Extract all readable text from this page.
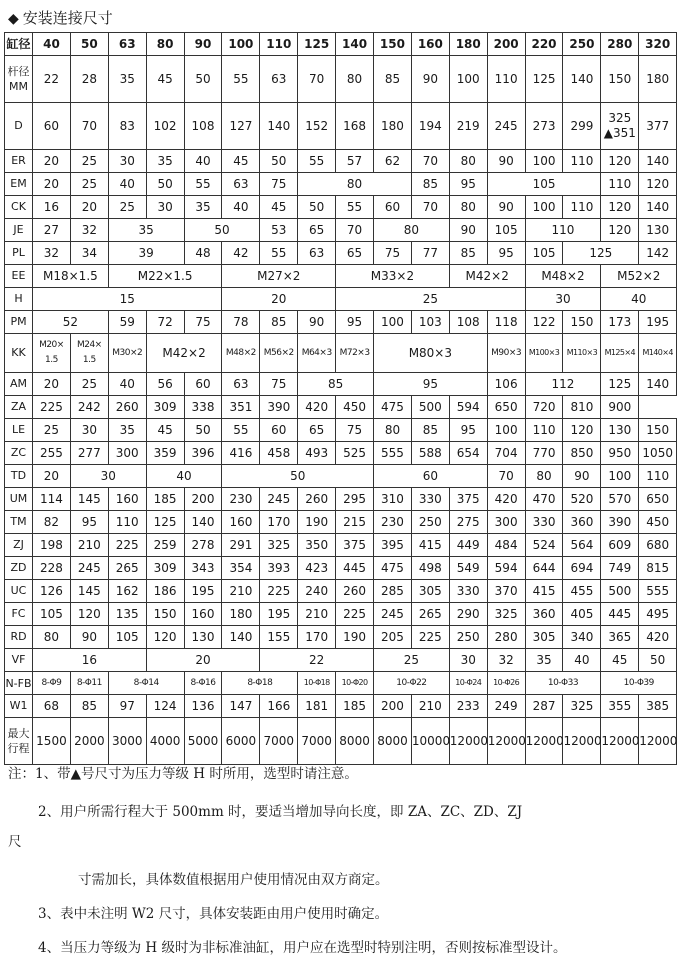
◆ 安装连接尺寸
缸径	40	50	63	80	90	100	110	125	140	150	160	180	200	220	250	280	320	
杆径MM	22	28	35	45	50	55	63	70	80	85	90	100	110	125	140	150	180	
D	60	70	83	102	108	127	140	152	168	180	194	219	245	273	299	325 ▲351	377	
ER	20	25	30	35	40	45	50	55	57	62	70	80	90	100	110	120	140	
EM	20	25	40	50	55	63	75	80			85	95	105			110	120	
CK	16	20	25	30	35	40	45	50	55	60	70	80	90	100	110	120	140	
JE	27	32	35		50		53	65	70	80		90	105	110		120	130	
PL	32	34	39		48	42	55	63	65	75	77	85	95	105	125		142	
EE	M18×1.5		M22×1.5			M27×2			M33×2			M42×2		M48×2		M52×2		
H	15					20			25					30		40		
PM	52		59	72	75	78	85	90	95	100	103	108	118	122	150	173	195	
KK	M20× 1.5	M24× 1.5	M30×2	M42×2		M48×2	M56×2	M64×3	M72×3	M80×3			M90×3	M100×3	M110×3	M125×4	M140×4	
AM	20	25	40	56	60	63	75	85		95			106	112		125	140	
ZA	225	242	260	309	338	351	390	420	450	475	500	594	650	720	810	900		
LE	25	30	35	45	50	55	60	65	75	80	85	95	100	110	120	130	150	
ZC	255	277	300	359	396	416	458	493	525	555	588	654	704	770	850	950	1050	
TD	20	30		40		50				60			70	80	90	100	110	
UM	114	145	160	185	200	230	245	260	295	310	330	375	420	470	520	570	650	
TM	82	95	110	125	140	160	170	190	215	230	250	275	300	330	360	390	450	
ZJ	198	210	225	259	278	291	325	350	375	395	415	449	484	524	564	609	680	
ZD	228	245	265	309	343	354	393	423	445	475	498	549	594	644	694	749	815	
UC	126	145	162	186	195	210	225	240	260	285	305	330	370	415	455	500	555	
FC	105	120	135	150	160	180	195	210	225	245	265	290	325	360	405	445	495	
RD	80	90	105	120	130	140	155	170	190	205	225	250	280	305	340	365	420	
VF	16			20			22			25		30	32	35	40	45	50	
N-FB	8-Φ9	8-Φ11	8-Φ14		8-Φ16	8-Φ18		10-Φ18	10-Φ20	10-Φ22		10-Φ24	10-Φ26	10-Φ33		10-Φ39		
W1	68	85	97	124	136	147	166	181	185	200	210	233	249	287	325	355	385	
最大行程	1500	2000	3000	4000	5000	6000	7000	7000	8000	8000	10000	12000	12000	12000	12000	12000	12000	

注：1、带▲号尺寸为压力等级 H 时所用，选型时请注意。

2、用户所需行程大于 500mm 时，要适当增加导向长度，即 ZA、ZC、ZD、ZJ

尺

寸需加长，具体数值根据用户使用情况由双方商定。

3、表中未注明 W2 尺寸，具体安装距由用户使用时确定。

4、当压力等级为 H 级时为非标准油缸，用户应在选型时特别注明，否则按标准型设计。
